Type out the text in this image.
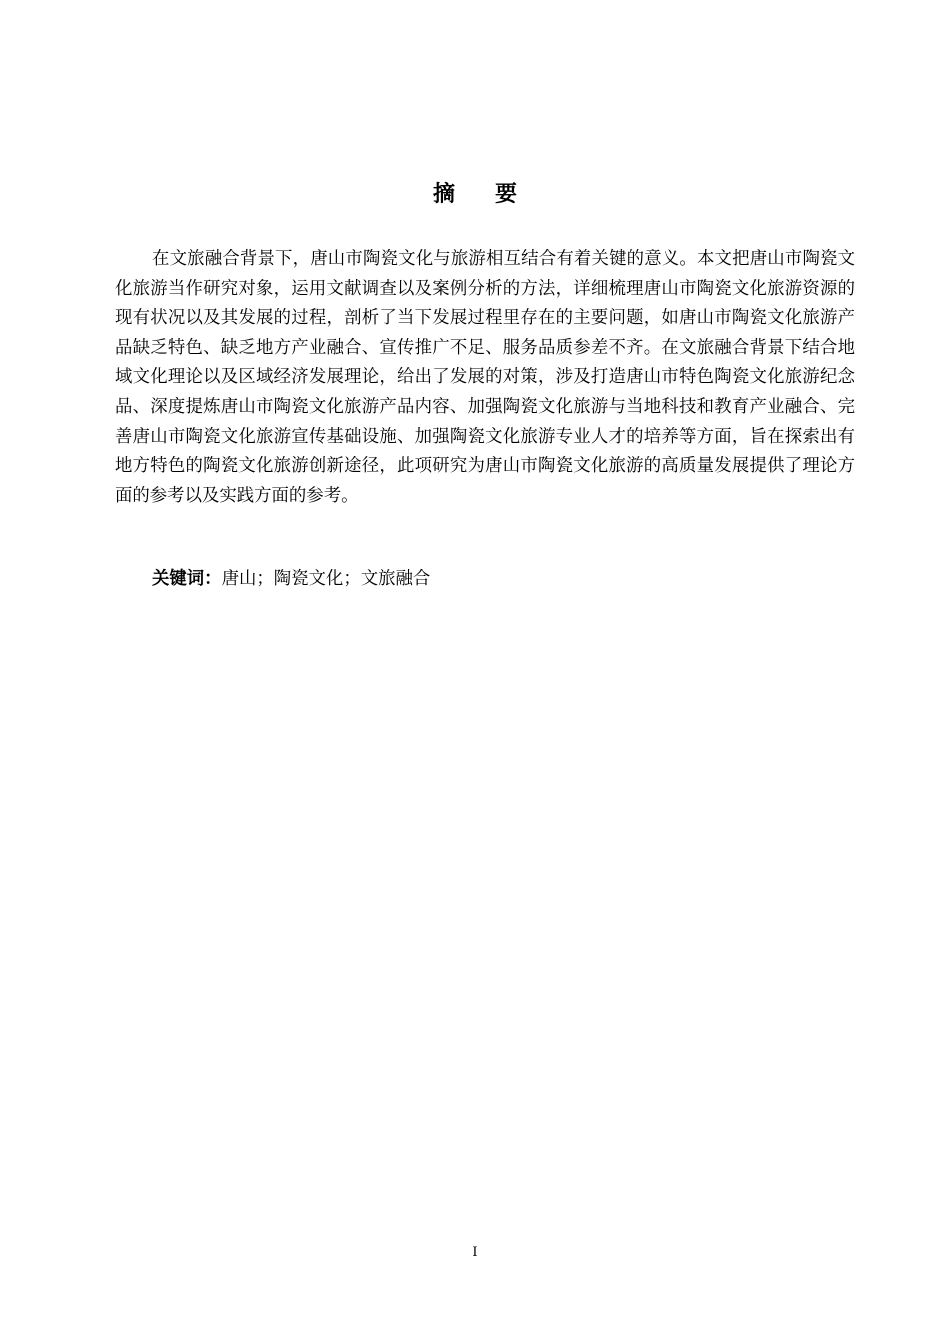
摘要

在文旅融合背景下，唐山市陶瓷文化与旅游相互结合有着关键的意义。本文把唐山市陶瓷文化旅游当作研究对象，运用文献调查以及案例分析的方法，详细梳理唐山市陶瓷文化旅游资源的现有状况以及其发展的过程，剖析了当下发展过程里存在的主要问题，如唐山市陶瓷文化旅游产品缺乏特色、缺乏地方产业融合、宣传推广不足、服务品质参差不齐。在文旅融合背景下结合地域文化理论以及区域经济发展理论，给出了发展的对策，涉及打造唐山市特色陶瓷文化旅游纪念品、深度提炼唐山市陶瓷文化旅游产品内容、加强陶瓷文化旅游与当地科技和教育产业融合、完善唐山市陶瓷文化旅游宣传基础设施、加强陶瓷文化旅游专业人才的培养等方面，旨在探索出有地方特色的陶瓷文化旅游创新途径，此项研究为唐山市陶瓷文化旅游的高质量发展提供了理论方面的参考以及实践方面的参考。

关键词：唐山；陶瓷文化；文旅融合
I
